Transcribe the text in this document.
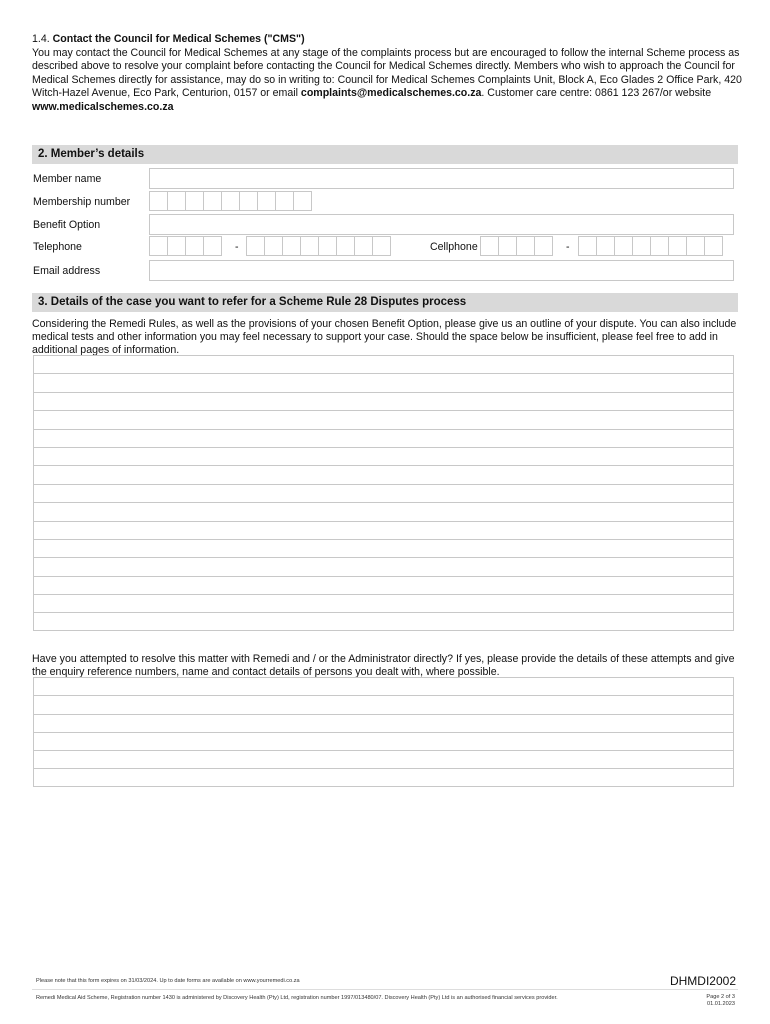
1.4. Contact the Council for Medical Schemes ("CMS")
You may contact the Council for Medical Schemes at any stage of the complaints process but are encouraged to follow the internal Scheme process as described above to resolve your complaint before contacting the Council for Medical Schemes directly. Members who wish to approach the Council for Medical Schemes directly for assistance, may do so in writing to: Council for Medical Schemes Complaints Unit, Block A, Eco Glades 2 Office Park, 420 Witch-Hazel Avenue, Eco Park, Centurion, 0157 or email complaints@medicalschemes.co.za. Customer care centre: 0861 123 267/or website www.medicalschemes.co.za
2. Member’s details
Member name
Membership number
Benefit Option
Telephone	-	Cellphone	-
Email address
3. Details of the case you want to refer for a Scheme Rule 28 Disputes process
Considering the Remedi Rules, as well as the provisions of your chosen Benefit Option, please give us an outline of your dispute. You can also include medical tests and other information you may feel necessary to support your case. Should the space below be insufficient, please feel free to add in additional pages of information.
Have you attempted to resolve this matter with Remedi and / or the Administrator directly? If yes, please provide the details of these attempts and give the enquiry reference numbers, name and contact details of persons you dealt with, where possible.
Please note that this form expires on 31/03/2024. Up to date forms are available on www.yourremedi.co.za	DHMDI2002
Remedi Medical Aid Scheme, Registration number 1430 is administered by Discovery Health (Pty) Ltd, registration number 1997/013480/07. Discovery Health (Pty) Ltd is an authorised financial services provider.	Page 2 of 3
01.01.2023
